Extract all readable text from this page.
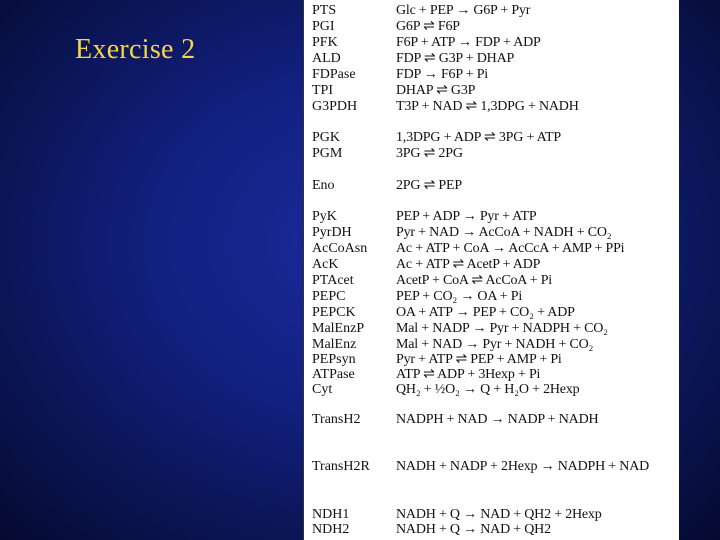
Exercise 2
PTS	Glc + PEP → G6P + Pyr
PGI	G6P ⇌ F6P
PFK	F6P + ATP → FDP + ADP
ALD	FDP ⇌ G3P + DHAP
FDPase	FDP → F6P + Pi
TPI	DHAP ⇌ G3P
G3PDH	T3P + NAD ⇌ 1,3DPG + NADH
PGK	1,3DPG + ADP ⇌ 3PG + ATP
PGM	3PG ⇌ 2PG
Eno	2PG ⇌ PEP
PyK	PEP + ADP → Pyr + ATP
PyrDH	Pyr + NAD → AcCoA + NADH + CO₂
AcCoAsn Ac + ATP + CoA → AcCcA + AMP + PPi
AcK	Ac + ATP ⇌ AcetP + ADP
PTAcet	AcetP + CoA ⇌ AcCoA + Pi
PEPC	PEP + CO₂ → OA + Pi
PEPCK	OA + ATP → PEP + CO₂ + ADP
MalEnzP Mal + NADP → Pyr + NADPH + CO₂
MalEnz	Mal + NAD → Pyr + NADH + CO₂
PEPsyn	Pyr + ATP ⇌ PEP + AMP + Pi
ATPase	ATP ⇌ ADP + 3Hexp + Pi
Cyt	QH₂ + ½O₂ → Q + H₂O + 2Hexp
TransH2	NADPH + NAD → NADP + NADH
TransH2R NADH + NADP + 2Hexp → NADPH + NAD
NDH1	NADH + Q → NAD + QH2 + 2Hexp
NDH2	NADH + Q → NAD + QH2
